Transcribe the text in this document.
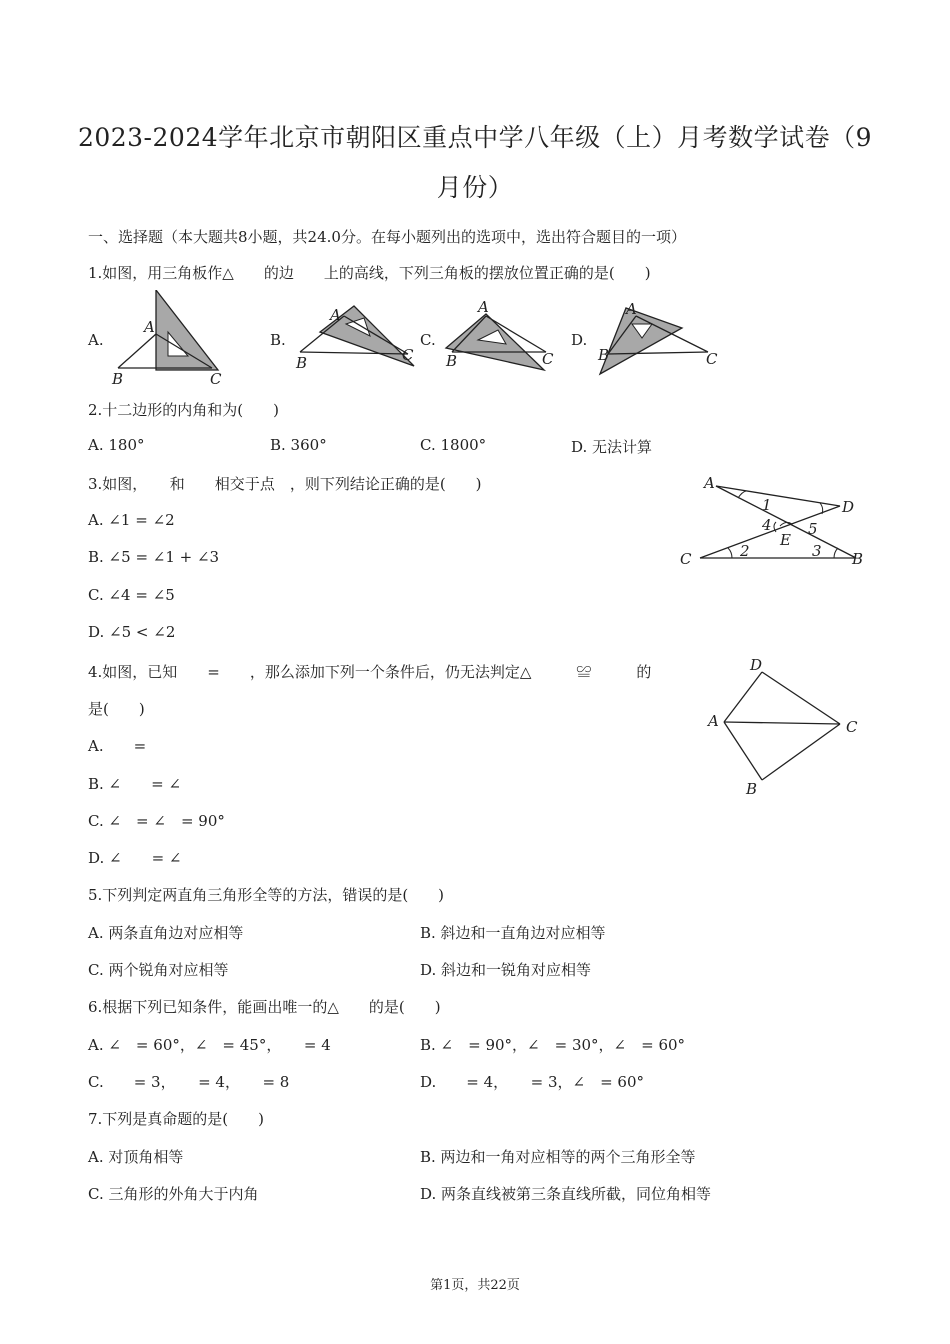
2023-2024学年北京市朝阳区重点中学八年级（上）月考数学试卷（9
月份）
一、选择题（本大题共8小题，共24.0分。在每小题列出的选项中，选出符合题目的一项）
1.如图，用三角板作△　　的边　　上的高线，下列三角板的摆放位置正确的是(　　)
A.	B.	C.	D.
A
B	C
A
B	C
A
B	C
A
B	C
2.十二边形的内角和为(　　)
A. 180°	B. 360°	C. 1800°	D. 无法计算
3.如图，　　和　　相交于点　，则下列结论正确的是(　　)
A. ∠1 = ∠2
B. ∠5 = ∠1 + ∠3
C. ∠4 = ∠5
D. ∠5 < ∠2
A
D
C	B
E
1
2	3
4 5
4.如图，已知　　=　　，那么添加下列一个条件后，仍无法判定△　　　≌　　　的
是(　　)
A.　　=
B. ∠　　= ∠
C. ∠　= ∠　= 90°
D. ∠　　= ∠
D
A	C
B
5.下列判定两直角三角形全等的方法，错误的是(　　)
A. 两条直角边对应相等	B. 斜边和一直角边对应相等
C. 两个锐角对应相等	D. 斜边和一锐角对应相等
6.根据下列已知条件，能画出唯一的△　　的是(　　)
A. ∠　= 60°，∠　= 45°，　　= 4	B. ∠　= 90°，∠　= 30°，∠　= 60°
C.　　= 3，　　= 4，　　= 8	D.　　= 4，　　= 3，∠　= 60°
7.下列是真命题的是(　　)
A. 对顶角相等	B. 两边和一角对应相等的两个三角形全等
C. 三角形的外角大于内角	D. 两条直线被第三条直线所截，同位角相等
第1页，共22页
